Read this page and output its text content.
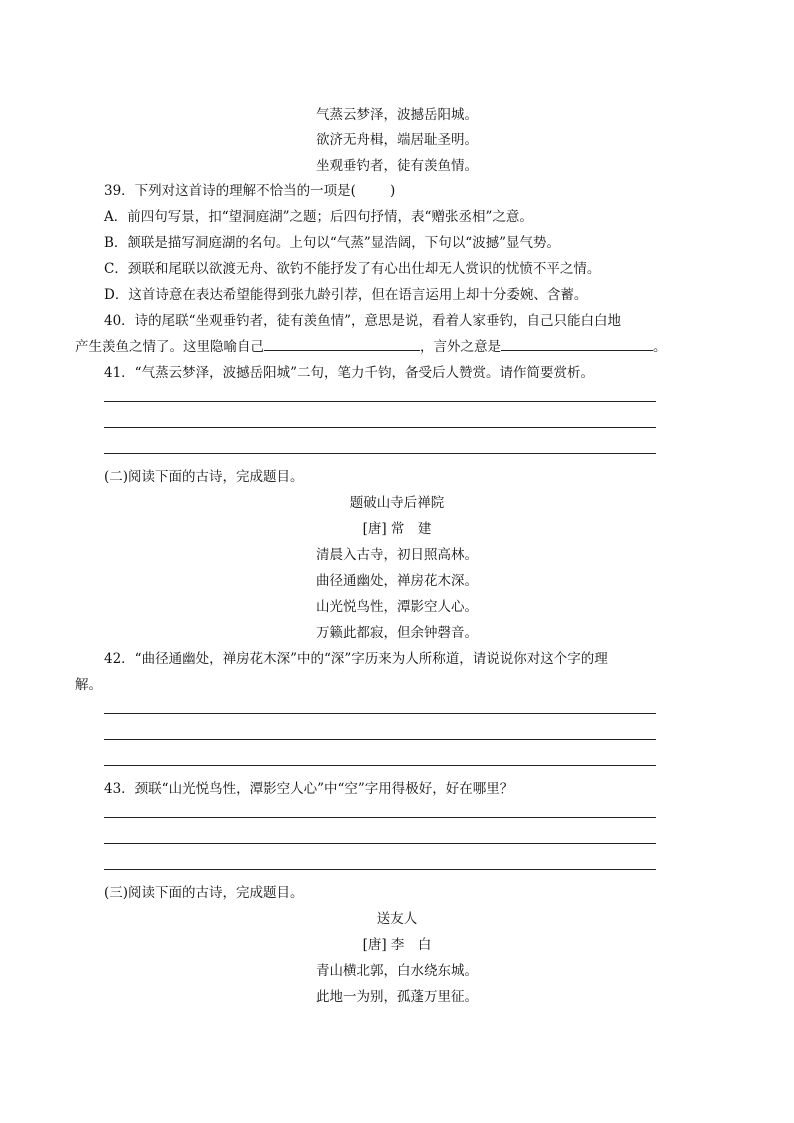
气蒸云梦泽，波撼岳阳城。
欲济无舟楫，端居耻圣明。
坐观垂钓者，徒有羡鱼情。
39．下列对这首诗的理解不恰当的一项是(	)
A．前四句写景，扣“望洞庭湖”之题；后四句抒情，表“赠张丞相”之意。
B．颔联是描写洞庭湖的名句。上句以“气蒸”显浩阔，下句以“波撼”显气势。
C．颈联和尾联以欲渡无舟、欲钓不能抒发了有心出仕却无人赏识的忧愤不平之情。
D．这首诗意在表达希望能得到张九龄引荐，但在语言运用上却十分委婉、含蓄。
40．诗的尾联“坐观垂钓者，徒有羡鱼情”，意思是说，看着人家垂钓，自己只能白白地
产生羡鱼之情了。这里隐喻自己	，言外之意是	。
41．“气蒸云梦泽，波撼岳阳城”二句，笔力千钧，备受后人赞赏。请作简要赏析。
(二)阅读下面的古诗，完成题目。
题破山寺后禅院
[唐] 常　建
清晨入古寺，初日照高林。
曲径通幽处，禅房花木深。
山光悦鸟性，潭影空人心。
万籁此都寂，但余钟磬音。
42．“曲径通幽处，禅房花木深”中的“深”字历来为人所称道，请说说你对这个字的理
解。
43．颈联“山光悦鸟性，潭影空人心”中“空”字用得极好，好在哪里？
(三)阅读下面的古诗，完成题目。
送友人
[唐] 李　白
青山横北郭，白水绕东城。
此地一为别，孤蓬万里征。
